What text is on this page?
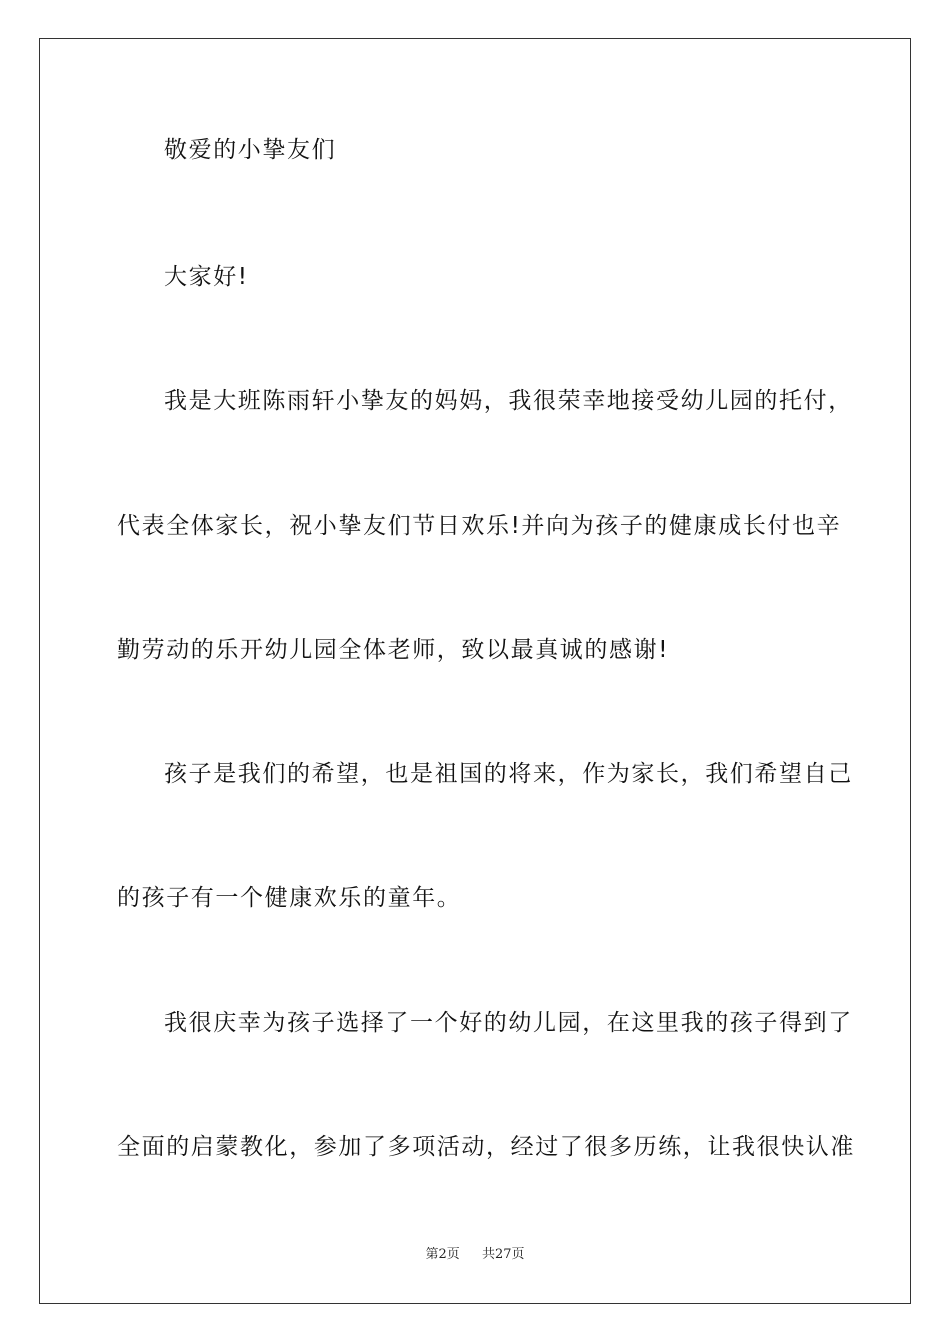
敬爱的小挚友们
大家好!
我是大班陈雨轩小挚友的妈妈，我很荣幸地接受幼儿园的托付，
代表全体家长，祝小挚友们节日欢乐!并向为孩子的健康成长付也辛
勤劳动的乐开幼儿园全体老师，致以最真诚的感谢!
孩子是我们的希望，也是祖国的将来，作为家长，我们希望自己
的孩子有一个健康欢乐的童年。
我很庆幸为孩子选择了一个好的幼儿园，在这里我的孩子得到了
全面的启蒙教化，参加了多项活动，经过了很多历练，让我很快认准
第2页 共27页
